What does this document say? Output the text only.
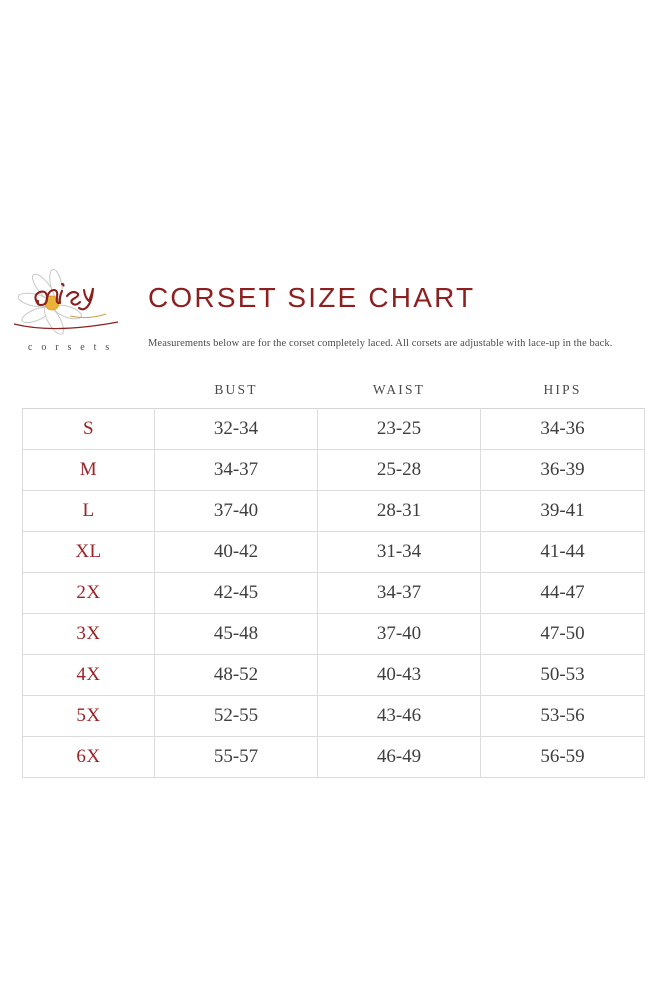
c o r s e t s
CORSET SIZE CHART
Measurements below are for the corset completely laced. All corsets are adjustable with lace-up in the back.
	BUST	WAIST	HIPS
S	32-34	23-25	34-36
M	34-37	25-28	36-39
L	37-40	28-31	39-41
XL	40-42	31-34	41-44
2X	42-45	34-37	44-47
3X	45-48	37-40	47-50
4X	48-52	40-43	50-53
5X	52-55	43-46	53-56
6X	55-57	46-49	56-59
